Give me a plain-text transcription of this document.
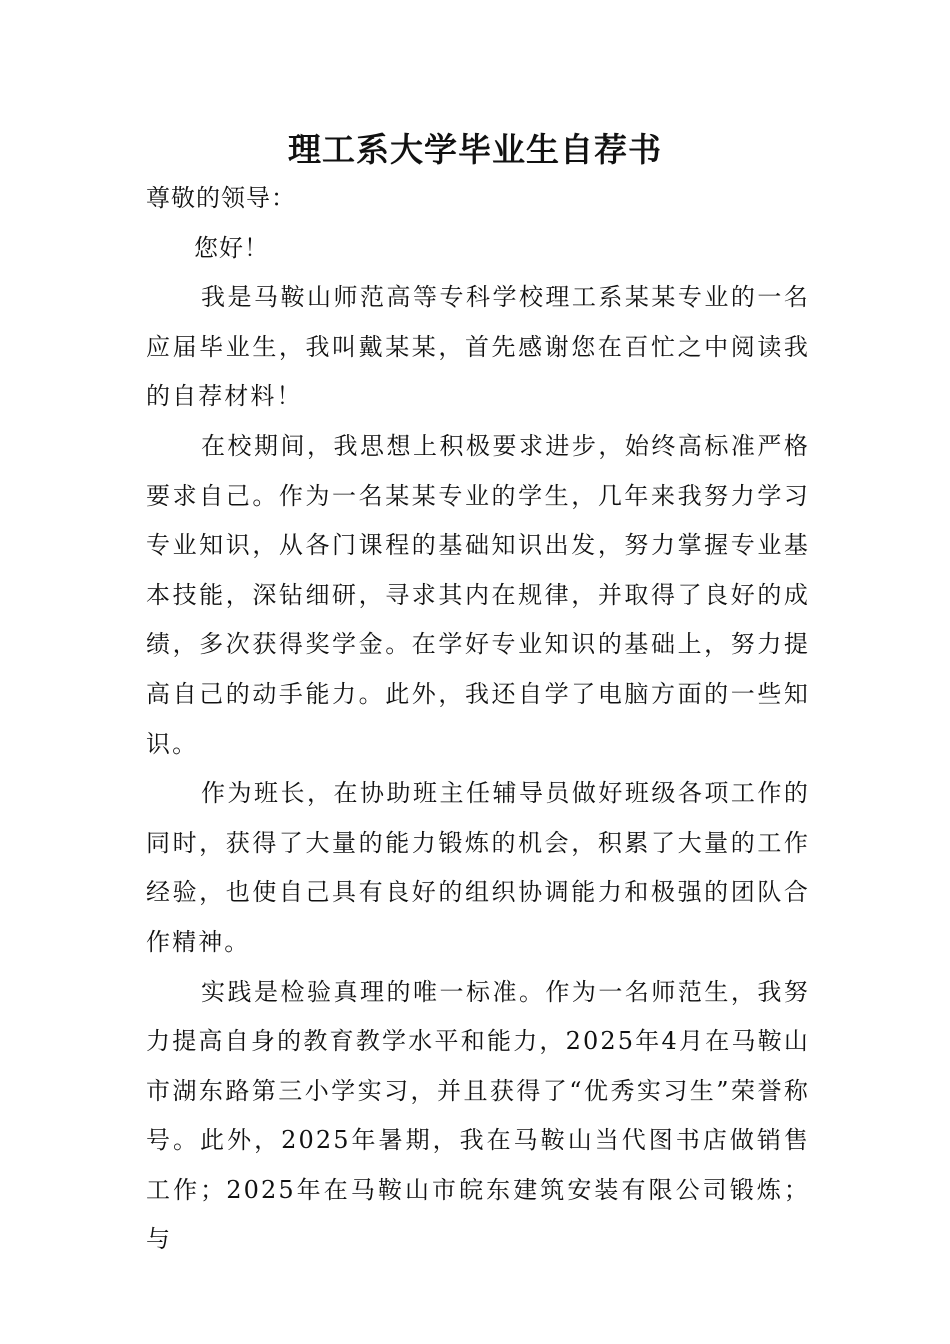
理工系大学毕业生自荐书

尊敬的领导：

您好！

我是马鞍山师范高等专科学校理工系某某专业的一名应届毕业生，我叫戴某某，首先感谢您在百忙之中阅读我的自荐材料！

在校期间，我思想上积极要求进步，始终高标准严格要求自己。作为一名某某专业的学生，几年来我努力学习专业知识，从各门课程的基础知识出发，努力掌握专业基本技能，深钻细研，寻求其内在规律，并取得了良好的成绩，多次获得奖学金。在学好专业知识的基础上，努力提高自己的动手能力。此外，我还自学了电脑方面的一些知识。

作为班长，在协助班主任辅导员做好班级各项工作的同时，获得了大量的能力锻炼的机会，积累了大量的工作经验，也使自己具有良好的组织协调能力和极强的团队合作精神。

实践是检验真理的唯一标准。作为一名师范生，我努力提高自身的教育教学水平和能力，2025年4月在马鞍山市湖东路第三小学实习，并且获得了“优秀实习生”荣誉称号。此外，2025年暑期，我在马鞍山当代图书店做销售工作；2025年在马鞍山市皖东建筑安装有限公司锻炼；与
